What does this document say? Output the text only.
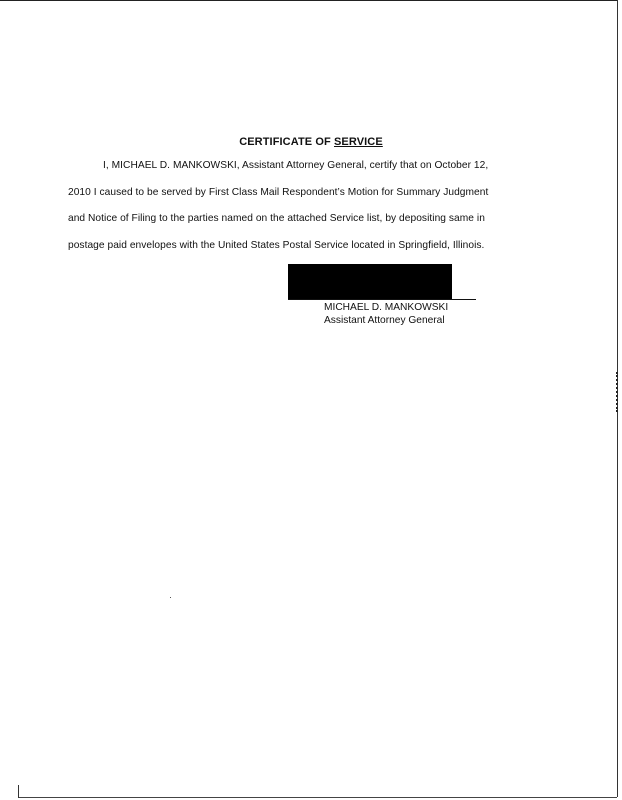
CERTIFICATE OF SERVICE
I, MICHAEL D. MANKOWSKI, Assistant Attorney General, certify that on October 12,
2010 I caused to be served by First Class Mail Respondent’s Motion for Summary Judgment
and Notice of Filing to the parties named on the attached Service list, by depositing same in
postage paid envelopes with the United States Postal Service located in Springfield, Illinois.
MICHAEL D. MANKOWSKI
Assistant Attorney General
